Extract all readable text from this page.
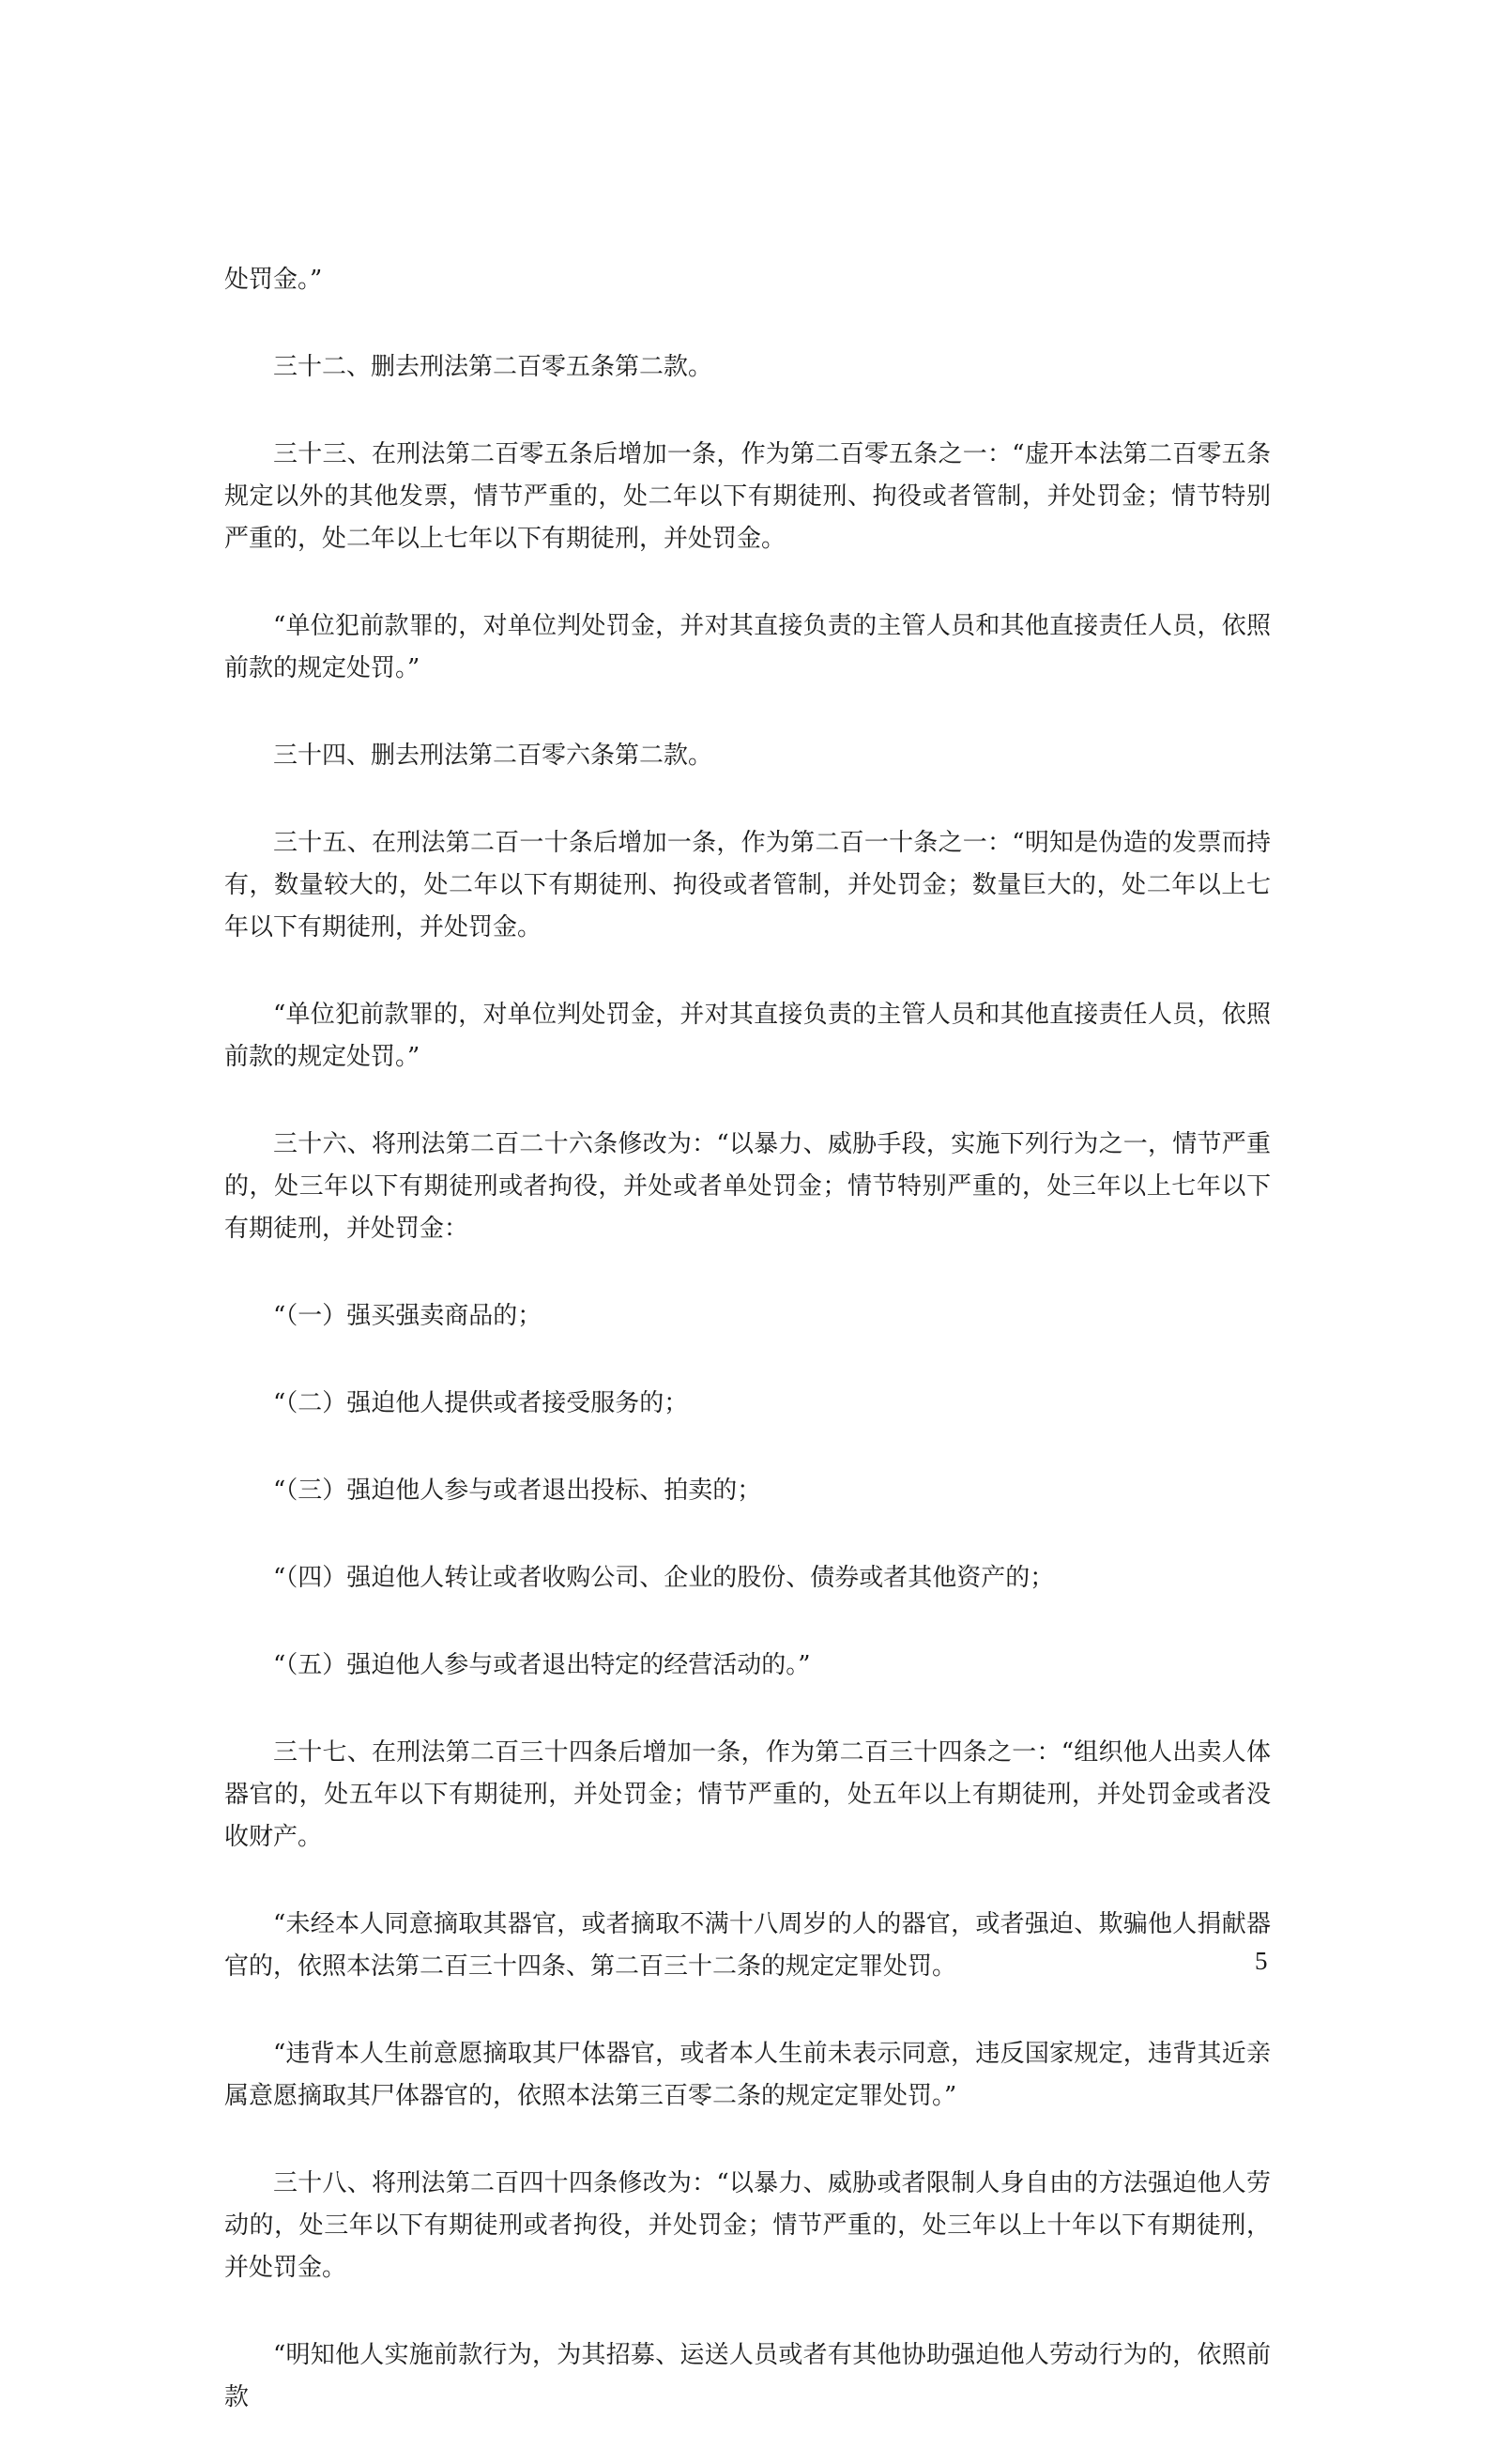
处罚金。”

三十二、删去刑法第二百零五条第二款。

三十三、在刑法第二百零五条后增加一条，作为第二百零五条之一：“虚开本法第二百零五条规定以外的其他发票，情节严重的，处二年以下有期徒刑、拘役或者管制，并处罚金；情节特别严重的，处二年以上七年以下有期徒刑，并处罚金。

“单位犯前款罪的，对单位判处罚金，并对其直接负责的主管人员和其他直接责任人员，依照前款的规定处罚。”

三十四、删去刑法第二百零六条第二款。

三十五、在刑法第二百一十条后增加一条，作为第二百一十条之一：“明知是伪造的发票而持有，数量较大的，处二年以下有期徒刑、拘役或者管制，并处罚金；数量巨大的，处二年以上七年以下有期徒刑，并处罚金。

“单位犯前款罪的，对单位判处罚金，并对其直接负责的主管人员和其他直接责任人员，依照前款的规定处罚。”

三十六、将刑法第二百二十六条修改为：“以暴力、威胁手段，实施下列行为之一，情节严重的，处三年以下有期徒刑或者拘役，并处或者单处罚金；情节特别严重的，处三年以上七年以下有期徒刑，并处罚金：

“（一）强买强卖商品的；

“（二）强迫他人提供或者接受服务的；

“（三）强迫他人参与或者退出投标、拍卖的；

“（四）强迫他人转让或者收购公司、企业的股份、债券或者其他资产的；

“（五）强迫他人参与或者退出特定的经营活动的。”

三十七、在刑法第二百三十四条后增加一条，作为第二百三十四条之一：“组织他人出卖人体器官的，处五年以下有期徒刑，并处罚金；情节严重的，处五年以上有期徒刑，并处罚金或者没收财产。

“未经本人同意摘取其器官，或者摘取不满十八周岁的人的器官，或者强迫、欺骗他人捐献器官的，依照本法第二百三十四条、第二百三十二条的规定定罪处罚。

“违背本人生前意愿摘取其尸体器官，或者本人生前未表示同意，违反国家规定，违背其近亲属意愿摘取其尸体器官的，依照本法第三百零二条的规定定罪处罚。”

三十八、将刑法第二百四十四条修改为：“以暴力、威胁或者限制人身自由的方法强迫他人劳动的，处三年以下有期徒刑或者拘役，并处罚金；情节严重的，处三年以上十年以下有期徒刑，并处罚金。

“明知他人实施前款行为，为其招募、运送人员或者有其他协助强迫他人劳动行为的，依照前款

5
